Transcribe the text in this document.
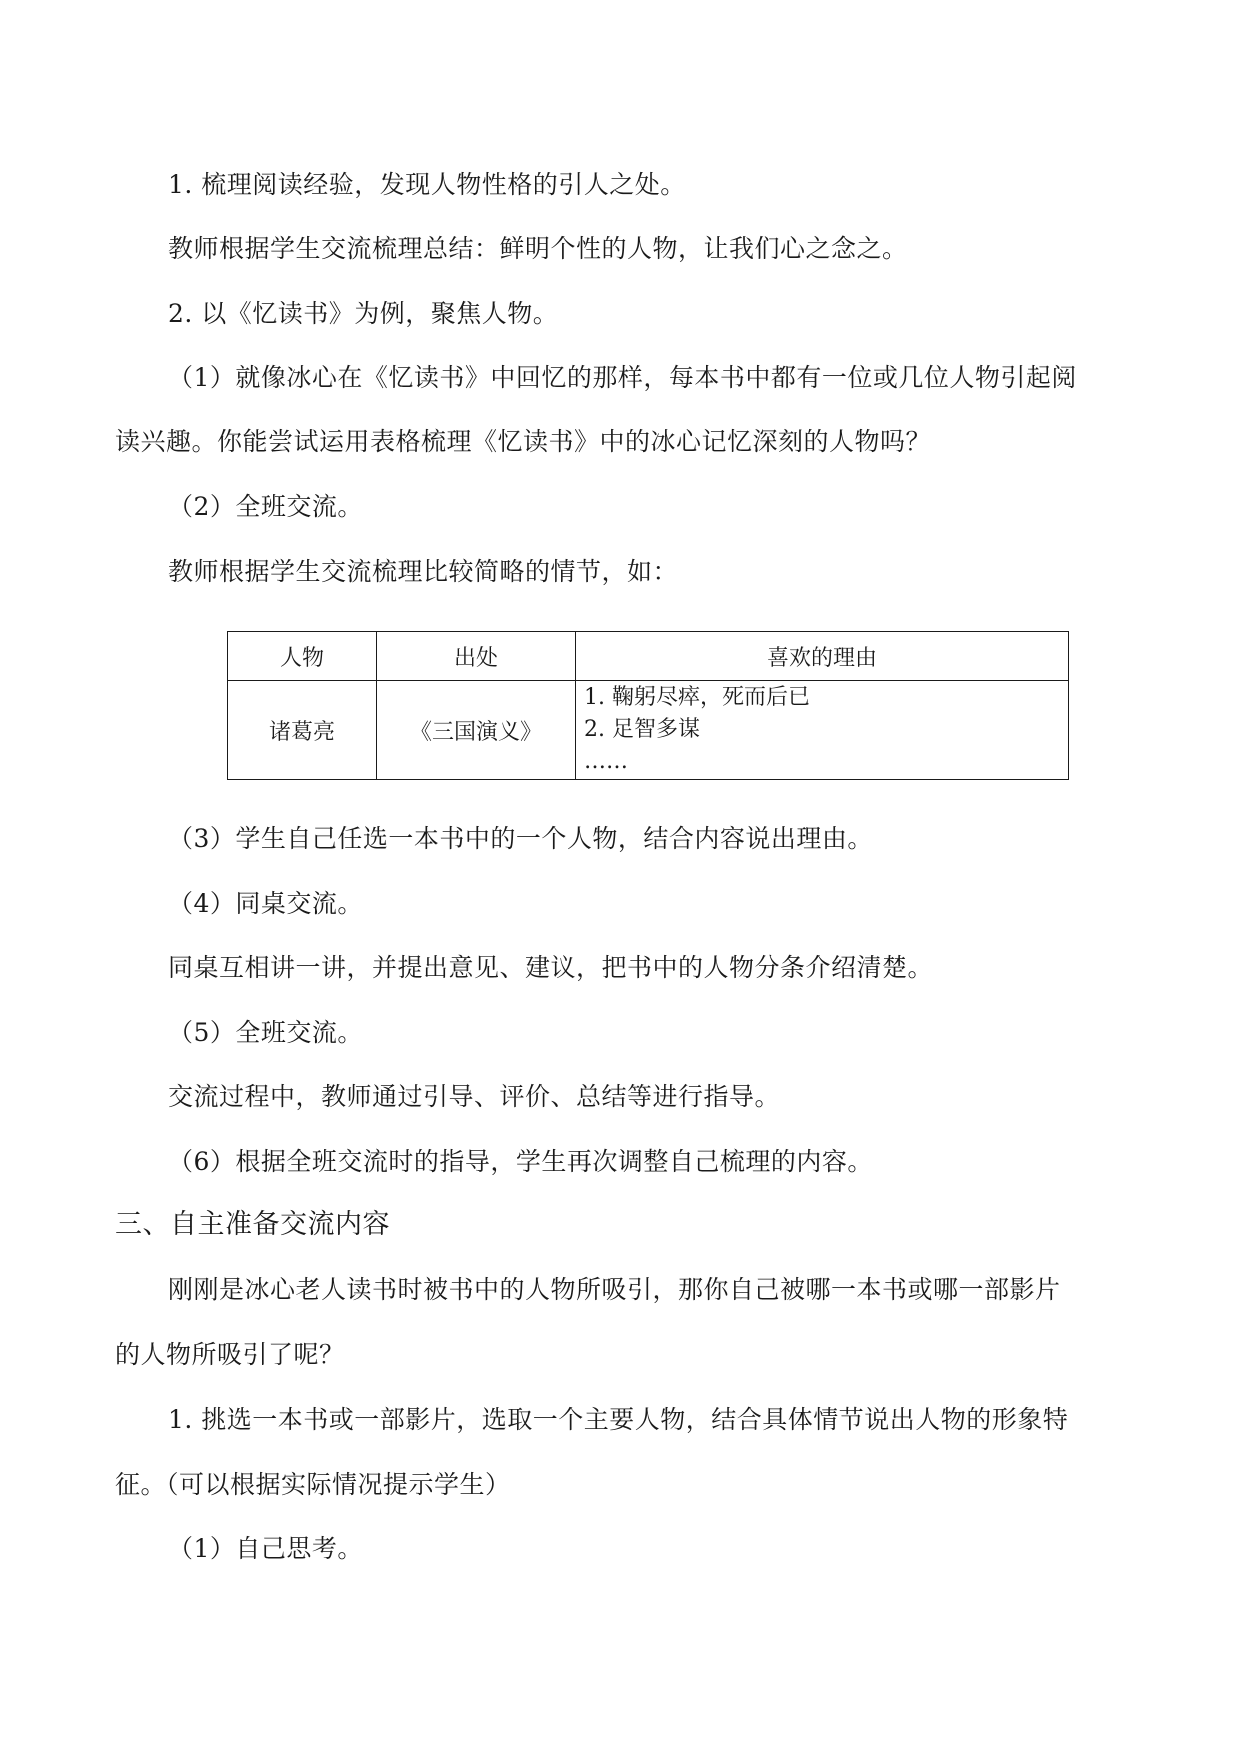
1. 梳理阅读经验，发现人物性格的引人之处。
教师根据学生交流梳理总结：鲜明个性的人物，让我们心之念之。
2. 以《忆读书》为例，聚焦人物。
（1）就像冰心在《忆读书》中回忆的那样，每本书中都有一位或几位人物引起阅
读兴趣。你能尝试运用表格梳理《忆读书》中的冰心记忆深刻的人物吗？
（2）全班交流。
教师根据学生交流梳理比较简略的情节，如：
人物	出处	喜欢的理由
诸葛亮	《三国演义》	1. 鞠躬尽瘁，死而后已
2. 足智多谋
……
（3）学生自己任选一本书中的一个人物，结合内容说出理由。
（4）同桌交流。
同桌互相讲一讲，并提出意见、建议，把书中的人物分条介绍清楚。
（5）全班交流。
交流过程中，教师通过引导、评价、总结等进行指导。
（6）根据全班交流时的指导，学生再次调整自己梳理的内容。
三、自主准备交流内容
刚刚是冰心老人读书时被书中的人物所吸引，那你自己被哪一本书或哪一部影片
的人物所吸引了呢？
1. 挑选一本书或一部影片，选取一个主要人物，结合具体情节说出人物的形象特
征。（可以根据实际情况提示学生）
（1）自己思考。
